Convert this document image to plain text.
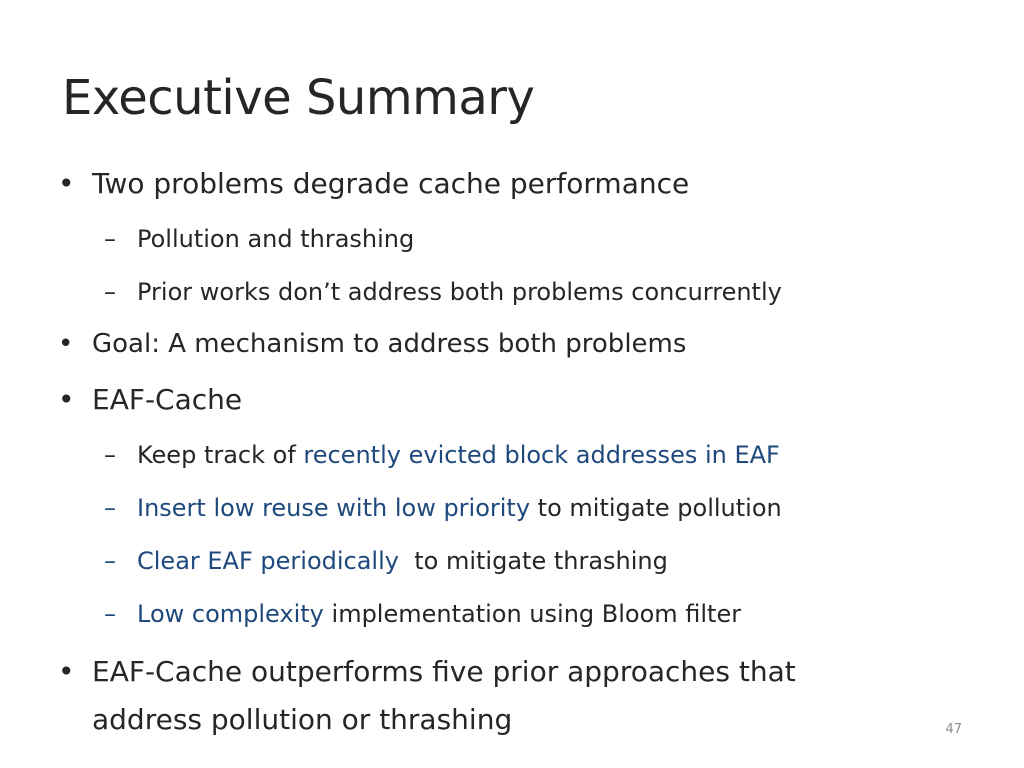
Executive Summary
• Two problems degrade cache performance
– Pollution and thrashing
– Prior works don’t address both problems concurrently
• Goal: A mechanism to address both problems
• EAF-Cache
– Keep track of recently evicted block addresses in EAF
– Insert low reuse with low priority to mitigate pollution
– Clear EAF periodically  to mitigate thrashing
– Low complexity implementation using Bloom filter
• EAF-Cache outperforms five prior approaches that
address pollution or thrashing	47
